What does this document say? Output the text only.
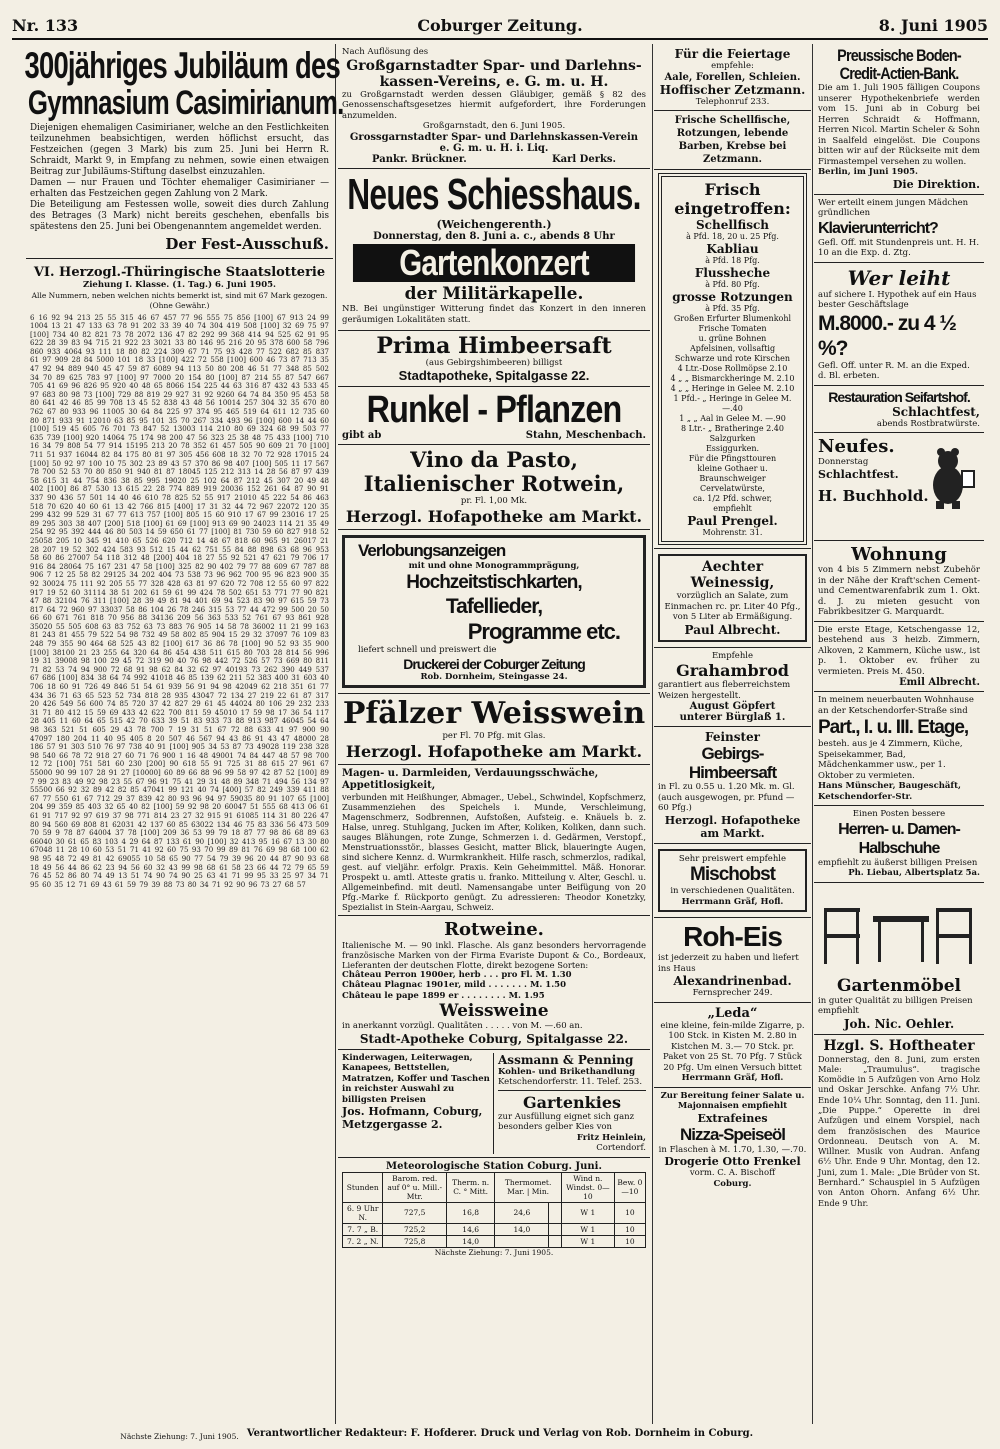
Nr. 133	Coburger Zeitung.	8. Juni 1905
300jähriges Jubiläum des
Gymnasium Casimirianum.

Diejenigen ehemaligen Casimirianer, welche an den Festlichkeiten teilzunehmen beabsichtigen, werden höflichst ersucht, das Festzeichen (gegen 3 Mark) bis zum 25. Juni bei Herrn R. Schraidt, Markt 9, in Empfang zu nehmen, sowie einen etwaigen Beitrag zur Jubiläums-Stiftung daselbst einzuzahlen.

Damen — nur Frauen und Töchter ehemaliger Casimirianer — erhalten das Festzeichen gegen Zahlung von 2 Mark.

Die Beteiligung am Festessen wolle, soweit dies durch Zahlung des Betrages (3 Mark) nicht bereits geschehen, ebenfalls bis spätestens den 25. Juni bei Obengenanntem angemeldet werden.

Der Fest-Ausschuß.
VI. Herzogl.-Thüringische Staatslotterie
Ziehung I. Klasse. (1. Tag.) 6. Juni 1905.
Alle Nummern, neben welchen nichts bemerkt ist, sind mit 67 Mark gezogen. (Ohne Gewähr.)

6 16 92 94 213 25 55 315 46 67 457 77 96 555 75 856 [100] 67 913 24 99 1004 13 21 47 133 63 78 91 202 33 39 40 74 304 419 508 [100] 32 69 75 97 [100] 734 40 82 821 73 78 2072 136 47 82 292 99 368 414 94 525 62 91 95 622 28 39 83 94 715 21 922 23 3021 33 80 146 95 216 20 95 378 600 58 796 860 933 4064 93 111 18 80 82 224 309 67 71 75 93 428 77 522 682 85 837 61 97 909 28 84 5000 101 18 33 [100] 422 72 558 [100] 600 46 73 87 713 35 47 92 94 889 940 45 47 59 87 6089 94 113 50 80 208 46 51 77 348 85 502 34 70 89 625 783 97 [100] 97 7000 20 154 80 [100] 87 214 55 87 547 667 705 41 69 96 826 95 920 40 48 65 8066 154 225 44 63 316 87 432 43 533 45 97 683 80 98 73 [100] 729 88 819 29 927 31 92 9260 64 74 84 350 95 453 58 80 641 42 46 85 99 708 13 45 52 838 43 48 56 10014 257 304 32 35 670 80 762 67 80 933 96 11005 30 64 84 225 97 374 95 465 519 64 611 12 735 60 80 871 933 91 12010 63 85 95 101 35 70 267 334 493 96 [100] 600 14 44 60 [100] 519 45 605 76 701 73 847 52 13003 114 210 80 69 324 68 99 503 77 635 739 [100] 920 14064 75 174 98 200 47 56 323 25 38 48 75 433 [100] 710 16 34 79 808 54 77 914 15195 213 20 78 352 61 457 505 90 609 21 70 [100] 711 51 937 16044 82 84 175 80 81 97 305 456 608 18 32 70 72 928 17015 24 [100] 50 92 97 100 10 75 302 23 89 43 57 370 86 98 407 [100] 505 11 17 567 78 700 52 53 70 80 850 91 940 81 87 18045 125 212 313 14 28 56 87 97 439 58 615 31 44 754 836 38 85 995 19020 25 102 64 87 212 45 307 20 49 48 402 [100] 86 87 530 13 615 22 28 774 889 919 20036 152 261 64 87 90 91 337 90 436 57 501 14 40 46 610 78 825 52 55 917 21010 45 222 54 86 463 518 70 620 40 60 61 13 42 766 815 [400] 17 31 32 44 72 967 22072 120 35 299 432 99 529 31 67 77 613 757 [100] 805 15 60 910 17 67 99 23016 17 25 89 295 303 38 407 [200] 518 [100] 61 69 [100] 913 69 90 24023 114 21 35 49 254 92 95 392 444 46 80 503 14 59 650 61 77 [100] 81 730 59 60 827 918 52 25058 205 10 345 91 410 65 526 620 712 14 48 67 818 60 965 91 26017 21 28 207 19 52 302 424 583 93 512 15 44 62 751 55 84 88 898 63 68 96 953 58 60 86 27007 54 118 312 48 [200] 404 18 27 55 92 521 47 621 79 706 17 916 84 28064 75 167 231 47 58 [100] 325 82 90 402 79 77 88 609 67 787 88 906 7 12 25 58 82 29125 34 202 404 73 538 73 96 962 700 95 96 823 900 35 92 30024 75 111 92 205 55 77 328 428 63 81 97 620 72 708 12 55 60 97 822 917 19 52 60 31114 38 51 202 61 59 61 99 424 78 502 651 53 771 77 90 821 47 88 32104 76 311 [100] 28 39 49 81 94 401 69 94 523 83 90 97 615 59 73 817 64 72 960 97 33037 58 86 104 26 78 246 315 53 77 44 472 99 500 20 50 66 60 671 761 818 70 956 88 34136 209 56 363 533 52 761 67 93 861 928 35020 55 505 608 63 83 752 63 73 883 76 905 14 58 78 36002 11 21 99 163 81 243 81 455 79 522 54 98 732 49 58 802 85 904 15 29 32 37097 76 109 83 248 79 355 90 464 68 525 43 82 [100] 617 36 86 78 [100] 90 52 93 35 900 [100] 38100 21 23 255 64 320 64 86 454 438 511 615 80 703 28 814 56 996 19 31 39008 98 100 29 45 72 319 90 40 76 98 442 72 526 57 73 669 80 811 71 82 53 74 94 900 72 68 91 98 62 84 32 62 97 40193 73 262 390 449 537 67 686 [100] 834 38 64 74 992 41018 46 85 139 62 211 52 383 400 31 603 40 706 18 60 91 726 49 846 51 54 61 939 56 91 94 98 42049 62 218 351 61 77 434 36 71 63 65 523 52 734 818 28 935 43047 72 134 27 219 22 61 87 317 20 426 549 56 600 74 85 720 37 42 827 29 61 45 44024 80 106 29 232 233 31 71 80 412 15 59 69 433 42 622 700 811 59 45010 17 59 98 17 36 54 117 28 405 11 60 64 65 515 42 70 633 39 51 83 933 73 88 913 987 46045 54 64 98 363 521 51 605 29 43 78 700 7 19 31 51 67 72 88 633 41 97 900 90 47097 180 204 11 40 95 405 8 20 507 46 567 94 43 86 91 43 47 48000 28 186 57 91 303 510 76 97 738 40 91 [100] 905 34 53 87 73 49028 119 238 328 98 540 66 78 72 918 27 60 71 76 900 1 16 48 49001 74 84 447 48 57 98 700 12 72 [100] 751 581 60 230 [200] 90 618 55 91 725 31 88 615 27 961 67 55000 90 99 107 28 91 27 [10000] 60 89 66 88 96 99 58 97 42 87 52 [100] 89 7 99 23 83 49 92 98 23 55 67 96 91 75 41 29 31 48 89 348 71 494 56 134 97 55500 66 92 32 89 42 82 85 47041 99 121 40 74 [400] 57 82 249 339 411 88 67 77 550 61 67 712 29 37 839 42 80 93 96 94 97 59035 80 91 107 65 [100] 204 99 359 85 403 32 65 40 82 [100] 59 92 98 20 60047 51 555 68 413 06 61 61 91 717 92 97 619 37 98 771 814 23 27 32 915 91 61085 114 31 80 226 47 80 94 560 69 808 81 62031 42 137 60 85 63022 134 46 75 83 336 56 473 509 70 59 9 78 87 64004 37 78 [100] 209 36 53 99 79 18 87 77 98 86 68 89 63 66040 30 61 65 83 103 4 29 64 87 133 61 90 [100] 32 413 95 16 67 13 30 80 67048 11 28 10 60 53 51 71 41 92 60 75 93 70 99 89 81 76 69 98 68 100 62 98 95 48 72 49 81 42 69055 10 58 65 90 77 54 79 39 96 20 44 87 90 93 68 18 49 56 44 86 62 23 94 56 60 32 43 99 98 68 61 58 23 66 44 72 79 65 59 76 45 52 86 80 74 49 13 51 74 90 74 90 25 63 41 71 99 95 33 25 97 34 71 95 60 35 12 71 69 43 61 59 79 39 88 73 80 34 71 92 90 96 73 27 68 57

Nächste Ziehung: 7. Juni 1905.
Nach Auflösung des
Großgarnstadter Spar- und Darlehns-kassen-Vereins, e. G. m. u. H.

zu Großgarnstadt werden dessen Gläubiger, gemäß § 82 des Genossenschaftsgesetzes hiermit aufgefordert, ihre Forderungen anzumelden.

Großgarnstadt, den 6. Juni 1905.
Grossgarnstadter Spar- und Darlehnskassen-Verein
e. G. m. u. H. i. Liq.
Pankr. Brückner.	Karl Derks.
Neues Schiesshaus.
(Weichengerenth.)
Donnerstag, den 8. Juni a. c., abends 8 Uhr
Gartenkonzert
der Militärkapelle.

NB. Bei ungünstiger Witterung findet das Konzert in den inneren geräumigen Lokalitäten statt.

Prima Himbeersaft
(aus Gebirgshimbeeren) billigst
Stadtapotheke, Spitalgasse 22.
Runkel - Pflanzen
gibt ab	Stahn, Meschenbach.
Vino da Pasto,
Italienischer Rotwein,
pr. Fl. 1,00 Mk.
Herzogl. Hofapotheke am Markt.
Verlobungsanzeigen
mit und ohne Monogrammprägung,
Hochzeitstischkarten,
Tafellieder,
Programme etc.
liefert schnell und preiswert die
Druckerei der Coburger Zeitung
Rob. Dornheim, Steingasse 24.
Pfälzer Weisswein
per Fl. 70 Pfg. mit Glas.
Herzogl. Hofapotheke am Markt.
Magen- u. Darmleiden, Verdauungsschwäche, Appetitlosigkeit,

verbunden mit Heißhunger, Abmager., Uebel., Schwindel, Kopfschmerz, Zusammenziehen des Speichels i. Munde, Verschleimung, Magenschmerz, Sodbrennen, Aufstoßen, Aufsteig. e. Knäuels b. z. Halse, unreg. Stuhlgang, Jucken im After, Koliken, Koliken, dann such. sauges Blähungen, rote Zunge, Schmerzen i. d. Gedärmen, Verstopf., Menstruationsstör., blasses Gesicht, matter Blick, blaueringte Augen, sind sichere Kennz. d. Wurmkrankheit. Hilfe rasch, schmerzlos, radikal, gest. auf vieljähr. erfolgr. Praxis. Kein Geheimmittel. Mäß. Honorar. Prospekt u. amtl. Atteste gratis u. franko. Mitteilung v. Alter, Geschl. u. Allgemeinbefind. mit deutl. Namensangabe unter Beifügung von 20 Pfg.-Marke f. Rückporto genügt. Zu adressieren: Theodor Konetzky, Spezialist in Stein-Aargau, Schweiz.

Rotweine.

Italienische M. — 90 inkl. Flasche. Als ganz besonders hervorragende französische Marken von der Firma Evariste Dupont & Co., Bordeaux, Lieferanten der deutschen Flotte, direkt bezogene Sorten:

Château Perron 1900er, herb . . . pro Fl. M. 1.30
Château Plagnac 1901er, mild . . . . . . . M. 1.50
Château le pape 1899 er . . . . . . . . M. 1.95
Weissweine
in anerkannt vorzügl. Qualitäten . . . . . von M. —.60 an.
Stadt-Apotheke Coburg, Spitalgasse 22.

Kinderwagen, Leiterwagen, Kanapees, Bettstellen, Matratzen, Koffer und Taschen in reichster Auswahl zu billigsten Preisen

Jos. Hofmann, Coburg, Metzgergasse 2.
Assmann & Penning
Kohlen- und Brikethandlung
Ketschendorferstr. 11. Telef. 253.
Gartenkies
zur Ausfüllung eignet sich ganz besonders gelber Kies von
Fritz Heinlein,
Cortendorf.
Meteorologische Station Coburg. Juni.
Stunden	Barom. red. auf 0° u. Mill.-Mtr.	Therm. n. C. ° Mitt.	Thermomet. Mar. | Min.		Wind n. Windst. 0—10	Bew. 0—10
6. 9 Uhr N.	727,5	16,8	24,6		W 1	10
7. 7 „ B.	725,2	14,6	14,0		W 1	10
7. 2 „ N.	725,8	14,0			W 1	10
Nächste Ziehung: 7. Juni 1905.
Für die Feiertage
empfehle:
Aale, Forellen, Schleien.
Hoffischer Zetzmann.
Telephonruf 233.

Frische Schellfische, Rotzungen, lebende Barben, Krebse bei Zetzmann.

Frisch eingetroffen:
Schellfisch
à Pfd. 18, 20 u. 25 Pfg.
Kabliau
à Pfd. 18 Pfg.
Flussheche
à Pfd. 80 Pfg.
grosse Rotzungen
à Pfd. 35 Pfg.
Großen Erfurter Blumenkohl
Frische Tomaten
u. grüne Bohnen
Apfelsinen, vollsaftig
Schwarze und rote Kirschen
4 Ltr.-Dose Rollmöpse 2.10
4 „ „ Bismarckheringe M. 2.10
4 „ „ Heringe in Gelee M. 2.10
1 Pfd.- „ Heringe in Gelee M. —.40
1 „ „ Aal in Gelee M. —.90
8 Ltr.- „ Bratheringe 2.40
Salzgurken
Essiggurken.
Für die Pfingsttouren
kleine Gothaer u.
Braunschweiger
Cervelatwürste,
ca. 1/2 Pfd. schwer,
empfiehlt
Paul Prengel.
Mohrenstr. 31.
Aechter Weinessig,

vorzüglich an Salate, zum Einmachen rc. pr. Liter 40 Pfg., von 5 Liter ab Ermäßigung.

Paul Albrecht.
Empfehle
Grahambrod

garantiert aus fleberreichstem Weizen hergestellt.

August Göpfert
unterer Bürglaß 1.
Feinster
Gebirgs-Himbeersaft

in Fl. zu 0.55 u. 1.20 Mk. m. Gl. (auch ausgewogen, pr. Pfund — 60 Pfg.)

Herzogl. Hofapotheke
am Markt.
Sehr preiswert empfehle
Mischobst
in verschiedenen Qualitäten.
Herrmann Gräf, Hofl.
Roh-Eis

ist jederzeit zu haben und liefert ins Haus

Alexandrinenbad.
Fernsprecher 249.
„Leda“

eine kleine, fein-milde Zigarre, p. 100 Stck. in Kisten M. 2.80 in Kistchen M. 3.— 70 Stck. pr. Paket von 25 St. 70 Pfg. 7 Stück 20 Pfg. Um einen Versuch bittet

Herrmann Gräf, Hofl.

Zur Bereitung feiner Salate u. Majonnaisen empfiehlt

Extrafeines
Nizza-Speiseöl
in Flaschen à M. 1.70, 1.30, —.70.
Drogerie Otto Frenkel
vorm. C. A. Bischoff
Coburg.
Preussische Boden-Credit-Actien-Bank.

Die am 1. Juli 1905 fälligen Coupons unserer Hypothekenbriefe werden vom 15. Juni ab in Coburg bei Herren Schraidt & Hoffmann, Herren Nicol. Martin Scheler & Sohn in Saalfeld eingelöst. Die Coupons bitten wir auf der Rückseite mit dem Firmastempel versehen zu wollen.

Berlin, im Juni 1905.
Die Direktion.
Wer erteilt einem jungen Mädchen gründlichen
Klavierunterricht?
Gefl. Off. mit Stundenpreis unt. H. H. 10 an die Exp. d. Ztg.
Wer leiht

auf sichere I. Hypothek auf ein Haus bester Geschäftslage

M.8000.- zu 4 ½ %?
Gefl. Off. unter R. M. an die Exped. d. Bl. erbeten.
Restauration Seifartshof.
Schlachtfest,
abends Rostbratwürste.
Neufes.
Donnerstag
Schlachtfest.
H. Buchhold.
Wohnung

von 4 bis 5 Zimmern nebst Zubehör in der Nähe der Kraft'schen Cement- und Cementwarenfabrik zum 1. Okt. d. J. zu mieten gesucht von Fabrikbesitzer G. Marquardt.

Die erste Etage, Ketschengasse 12, bestehend aus 3 heizb. Zimmern, Alkoven, 2 Kammern, Küche usw., ist p. 1. Oktober ev. früher zu vermieten. Preis M. 450.

Emil Albrecht.

In meinem neuerbauten Wohnhause an der Ketschendorfer-Straße sind

Part., I. u. III. Etage,

besteh. aus je 4 Zimmern, Küche, Speisekammer, Bad, Mädchenkammer usw., per 1. Oktober zu vermieten.

Hans Münscher, Baugeschäft, Ketschendorfer-Str.
Einen Posten bessere
Herren- u. Damen-Halbschuhe
empfiehlt zu äußerst billigen Preisen
Ph. Liebau, Albertsplatz 5a.
Gartenmöbel

in guter Qualität zu billigen Preisen empfiehlt

Joh. Nic. Oehler.
Hzgl. S. Hoftheater

Donnerstag, den 8. Juni, zum ersten Male: „Traumulus“. tragische Komödie in 5 Aufzügen von Arno Holz und Oskar Jerschke. Anfang 7½ Uhr. Ende 10¼ Uhr. Sonntag, den 11. Juni. „Die Puppe.“ Operette in drei Aufzügen und einem Vorspiel, nach dem französischen des Maurice Ordonneau. Deutsch von A. M. Willner. Musik von Audran. Anfang 6½ Uhr. Ende 9 Uhr. Montag, den 12. Juni, zum 1. Male: „Die Brüder von St. Bernhard.“ Schauspiel in 5 Aufzügen von Anton Ohorn. Anfang 6½ Uhr. Ende 9 Uhr.

Verantwortlicher Redakteur: F. Hofderer. Druck und Verlag von Rob. Dornheim in Coburg.
